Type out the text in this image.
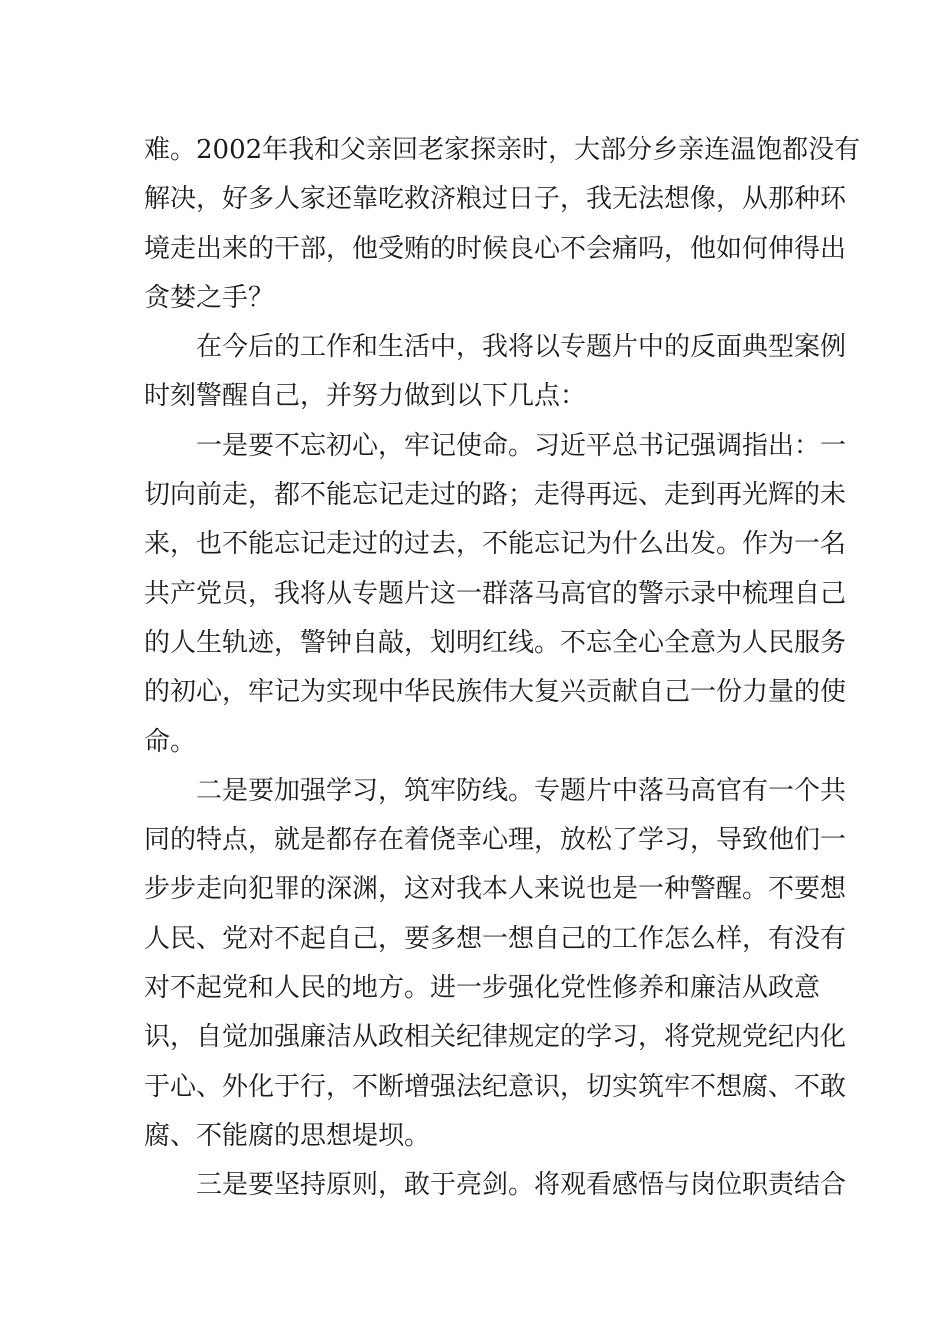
难。2002年我和父亲回老家探亲时，大部分乡亲连温饱都没有
解决，好多人家还靠吃救济粮过日子，我无法想像，从那种环
境走出来的干部，他受贿的时候良心不会痛吗，他如何伸得出
贪婪之手？
在今后的工作和生活中，我将以专题片中的反面典型案例
时刻警醒自己，并努力做到以下几点：
一是要不忘初心，牢记使命。习近平总书记强调指出：一
切向前走，都不能忘记走过的路；走得再远、走到再光辉的未
来，也不能忘记走过的过去，不能忘记为什么出发。作为一名
共产党员，我将从专题片这一群落马高官的警示录中梳理自己
的人生轨迹，警钟自敲，划明红线。不忘全心全意为人民服务
的初心，牢记为实现中华民族伟大复兴贡献自己一份力量的使
命。
二是要加强学习，筑牢防线。专题片中落马高官有一个共
同的特点，就是都存在着侥幸心理，放松了学习，导致他们一
步步走向犯罪的深渊，这对我本人来说也是一种警醒。不要想
人民、党对不起自己，要多想一想自己的工作怎么样，有没有
对不起党和人民的地方。进一步强化党性修养和廉洁从政意
识，自觉加强廉洁从政相关纪律规定的学习，将党规党纪内化
于心、外化于行，不断增强法纪意识，切实筑牢不想腐、不敢
腐、不能腐的思想堤坝。
三是要坚持原则，敢于亮剑。将观看感悟与岗位职责结合
